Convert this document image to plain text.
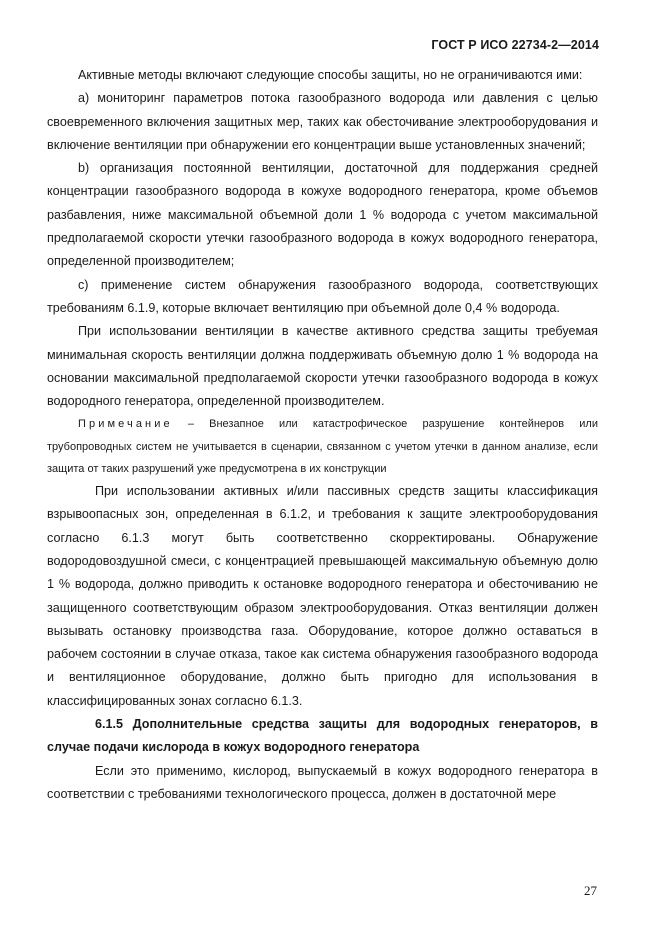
ГОСТ Р ИСО 22734-2—2014

Активные методы включают следующие способы защиты, но не ограничиваются ими:

а) мониторинг параметров потока газообразного водорода или давления с целью своевременного включения защитных мер, таких как обесточивание электрооборудования и включение вентиляции при обнаружении его концентрации выше установленных значений;

b) организация постоянной вентиляции, достаточной для поддержания средней концентрации газообразного водорода в кожухе водородного генератора, кроме объемов разбавления, ниже максимальной объемной доли 1 % водорода с учетом максимальной предполагаемой скорости утечки газообразного водорода в кожух водородного генератора, определенной производителем;

с) применение систем обнаружения газообразного водорода, соответствующих требованиям 6.1.9, которые включает вентиляцию при объемной доле 0,4 % водорода.

При использовании вентиляции в качестве активного средства защиты требуемая минимальная скорость вентиляции должна поддерживать объемную долю 1 % водорода на основании максимальной предполагаемой скорости утечки газообразного водорода в кожух водородного генератора, определенной производителем.

Примечание – Внезапное или катастрофическое разрушение контейнеров или трубопроводных систем не учитывается в сценарии, связанном с учетом утечки в данном анализе, если защита от таких разрушений уже предусмотрена в их конструкции

При использовании активных и/или пассивных средств защиты классификация взрывоопасных зон, определенная в 6.1.2, и требования к защите электрооборудования согласно 6.1.3 могут быть соответственно скорректированы. Обнаружение водородовоздушной смеси, с концентрацией превышающей максимальную объемную долю 1 % водорода, должно приводить к остановке водородного генератора и обесточиванию не защищенного соответствующим образом электрооборудования. Отказ вентиляции должен вызывать остановку производства газа. Оборудование, которое должно оставаться в рабочем состоянии в случае отказа, такое как система обнаружения газообразного водорода и вентиляционное оборудование, должно быть пригодно для использования в классифицированных зонах согласно 6.1.3.

6.1.5 Дополнительные средства защиты для водородных генераторов, в случае подачи кислорода в кожух водородного генератора

Если это применимо, кислород, выпускаемый в кожух водородного генератора в соответствии с требованиями технологического процесса, должен в достаточной мере

27
